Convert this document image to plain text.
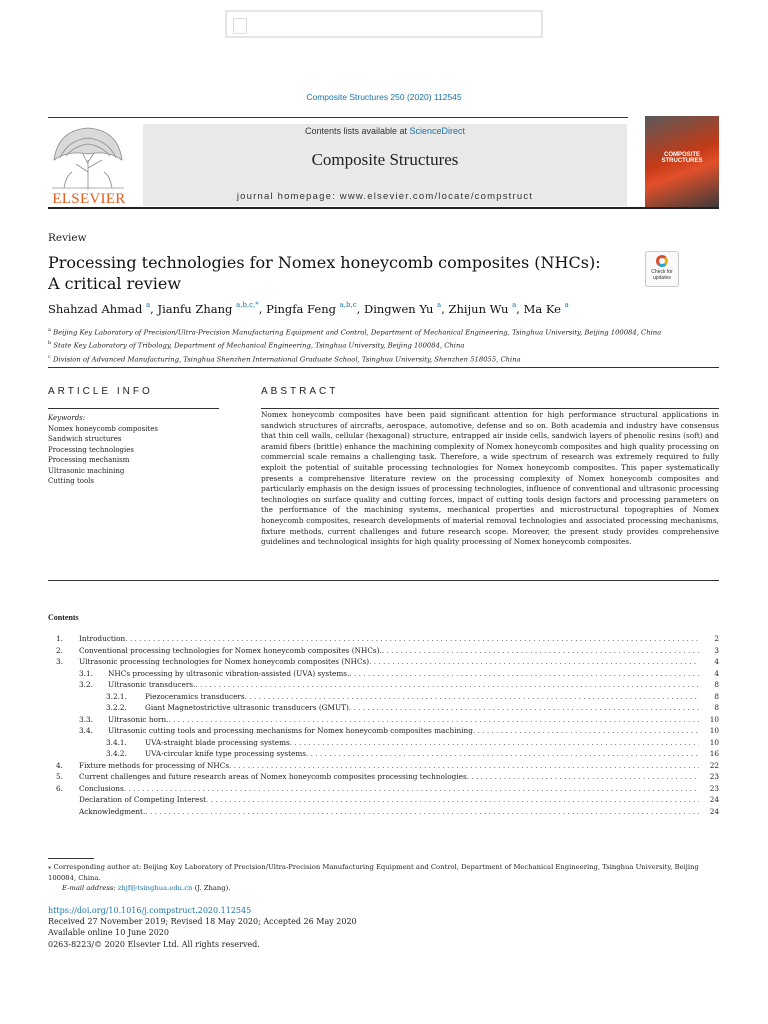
Composite Structures 250 (2020) 112545
ELSEVIER
Contents lists available at ScienceDirect
Composite Structures
journal homepage: www.elsevier.com/locate/compstruct
COMPOSITE
STRUCTURES
Review
Processing technologies for Nomex honeycomb composites (NHCs):
A critical review
Check for
updates
Shahzad Ahmad $^a$, Jianfu Zhang $^{a,b,c,*}$, Pingfa Feng $^{a,b,c}$, Dingwen Yu $^a$, Zhijun Wu $^a$, Ma Ke $^a$
$^a$ Beijing Key Laboratory of Precision/Ultra-Precision Manufacturing Equipment and Control, Department of Mechanical Engineering, Tsinghua University, Beijing 100084, China
$^b$ State Key Laboratory of Tribology, Department of Mechanical Engineering, Tsinghua University, Beijing 100084, China
$^c$ Division of Advanced Manufacturing, Tsinghua Shenzhen International Graduate School, Tsinghua University, Shenzhen 518055, China
ARTICLE INFO	ABSTRACT
Keywords:
Nomex honeycomb composites
Sandwich structures
Processing technologies
Processing mechanism
Ultrasonic machining
Cutting tools
Nomex honeycomb composites have been paid significant attention for high performance structural applications in sandwich structures of aircrafts, aerospace, automotive, defense and so on. Both academia and industry have consensus that thin cell walls, cellular (hexagonal) structure, entrapped air inside cells, sandwich layers of phenolic resins (soft) and aramid fibers (brittle) enhance the machining complexity of Nomex honeycomb composites and high quality processing on commercial scale remains a challenging task. Therefore, a wide spectrum of research was extremely required to fully exploit the potential of suitable processing technologies for Nomex honeycomb composites. This paper systematically presents a comprehensive literature review on the processing complexity of Nomex honeycomb composites and particularly emphasis on the design issues of processing technologies, influence of conventional and ultrasonic processing technologies on surface quality and cutting forces, impact of cutting tools design factors and processing parameters on the performance of the machining systems, mechanical properties and microstructural topographies of Nomex honeycomb composites, research developments of material removal technologies and associated processing mechanisms, fixture methods, current challenges and future research scope. Moreover, the present study provides comprehensive guidelines and technological insights for high quality processing of Nomex honeycomb composites.
Contents
1. Introduction . . .	2
2. Conventional processing technologies for Nomex honeycomb composites (NHCs). . . .	3
3. Ultrasonic processing technologies for Nomex honeycomb composites (NHCs) . . .	4
3.1. NHCs processing by ultrasonic vibration-assisted (UVA) systems. . . .	4
3.2. Ultrasonic transducers. . . .	8
3.2.1. Piezoceramics transducers . . .	8
3.2.2. Giant Magnetostrictive ultrasonic transducers (GMUT) . . .	8
3.3. Ultrasonic horn. . . .	10
3.4. Ultrasonic cutting tools and processing mechanisms for Nomex honeycomb composites machining . . .	10
3.4.1. UVA-straight blade processing systems . . .	10
3.4.2. UVA-circular knife type processing systems . . .	16
4. Fixture methods for processing of NHCs . . .	22
5. Current challenges and future research areas of Nomex honeycomb composites processing technologies . . .	23
6. Conclusions . . .	23
Declaration of Competing Interest . . .	24
Acknowledgment. . . .	24
⁎ Corresponding author at: Beijing Key Laboratory of Precision/Ultra-Precision Manufacturing Equipment and Control, Department of Mechanical Engineering, Tsinghua University, Beijing 100084, China.
E-mail address: zhjf@tsinghua.edu.cn (J. Zhang).
https://doi.org/10.1016/j.compstruct.2020.112545
Received 27 November 2019; Revised 18 May 2020; Accepted 26 May 2020
Available online 10 June 2020
0263-8223/© 2020 Elsevier Ltd. All rights reserved.
